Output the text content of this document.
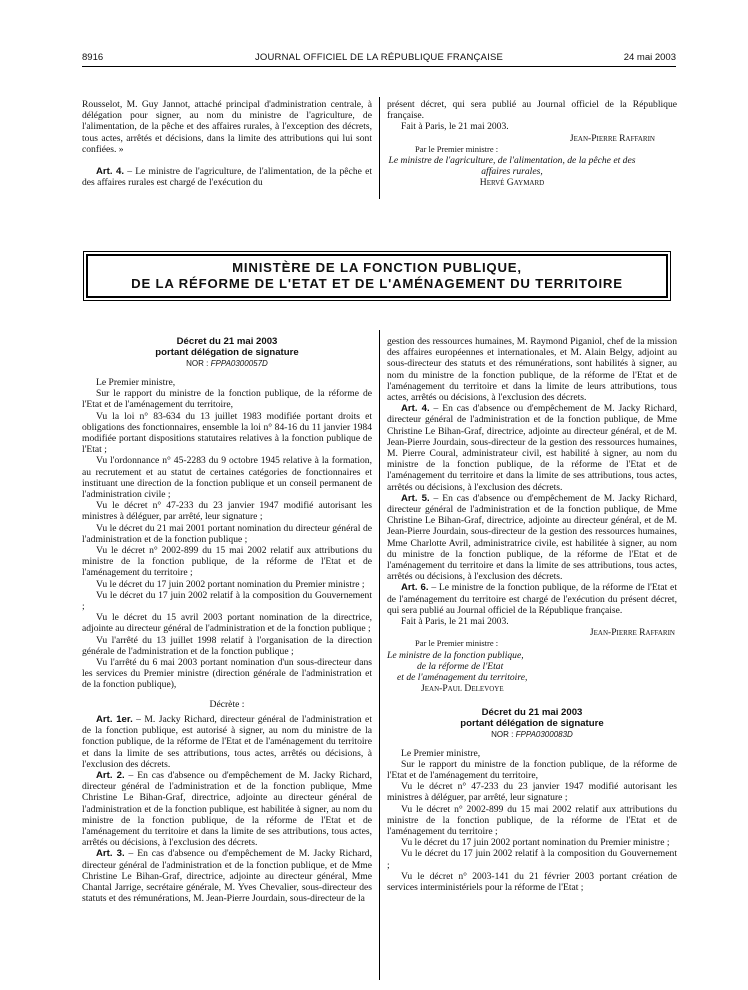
8916	JOURNAL OFFICIEL DE LA RÉPUBLIQUE FRANÇAISE	24 mai 2003

Rousselot, M. Guy Jannot, attaché principal d'administration centrale, à délégation pour signer, au nom du ministre de l'agriculture, de l'alimentation, de la pêche et des affaires rurales, à l'exception des décrets, tous actes, arrêtés et décisions, dans la limite des attributions qui lui sont confiées. »

Art. 4. – Le ministre de l'agriculture, de l'alimentation, de la pêche et des affaires rurales est chargé de l'exécution du

présent décret, qui sera publié au Journal officiel de la République française.

Fait à Paris, le 21 mai 2003.

Jean-Pierre Raffarin

Par le Premier ministre :

Le ministre de l'agriculture, de l'alimentation, de la pêche et des affaires rurales,

Hervé Gaymard

MINISTÈRE DE LA FONCTION PUBLIQUE,
DE LA RÉFORME DE L'ETAT ET DE L'AMÉNAGEMENT DU TERRITOIRE
Décret du 21 mai 2003
portant délégation de signature
NOR : FPPA0300057D

Le Premier ministre,

Sur le rapport du ministre de la fonction publique, de la réforme de l'Etat et de l'aménagement du territoire,

Vu la loi n° 83-634 du 13 juillet 1983 modifiée portant droits et obligations des fonctionnaires, ensemble la loi n° 84-16 du 11 janvier 1984 modifiée portant dispositions statutaires relatives à la fonction publique de l'Etat ;

Vu l'ordonnance n° 45-2283 du 9 octobre 1945 relative à la formation, au recrutement et au statut de certaines catégories de fonctionnaires et instituant une direction de la fonction publique et un conseil permanent de l'administration civile ;

Vu le décret n° 47-233 du 23 janvier 1947 modifié autorisant les ministres à déléguer, par arrêté, leur signature ;

Vu le décret du 21 mai 2001 portant nomination du directeur général de l'administration et de la fonction publique ;

Vu le décret n° 2002-899 du 15 mai 2002 relatif aux attributions du ministre de la fonction publique, de la réforme de l'Etat et de l'aménagement du territoire ;

Vu le décret du 17 juin 2002 portant nomination du Premier ministre ;

Vu le décret du 17 juin 2002 relatif à la composition du Gouvernement ;

Vu le décret du 15 avril 2003 portant nomination de la directrice, adjointe au directeur général de l'administration et de la fonction publique ;

Vu l'arrêté du 13 juillet 1998 relatif à l'organisation de la direction générale de l'administration et de la fonction publique ;

Vu l'arrêté du 6 mai 2003 portant nomination d'un sous-directeur dans les services du Premier ministre (direction générale de l'administration et de la fonction publique),

Décrète :

Art. 1er. – M. Jacky Richard, directeur général de l'administration et de la fonction publique, est autorisé à signer, au nom du ministre de la fonction publique, de la réforme de l'Etat et de l'aménagement du territoire et dans la limite de ses attributions, tous actes, arrêtés ou décisions, à l'exclusion des décrets.

Art. 2. – En cas d'absence ou d'empêchement de M. Jacky Richard, directeur général de l'administration et de la fonction publique, Mme Christine Le Bihan-Graf, directrice, adjointe au directeur général de l'administration et de la fonction publique, est habilitée à signer, au nom du ministre de la fonction publique, de la réforme de l'Etat et de l'aménagement du territoire et dans la limite de ses attributions, tous actes, arrêtés ou décisions, à l'exclusion des décrets.

Art. 3. – En cas d'absence ou d'empêchement de M. Jacky Richard, directeur général de l'administration et de la fonction publique, et de Mme Christine Le Bihan-Graf, directrice, adjointe au directeur général, Mme Chantal Jarrige, secrétaire générale, M. Yves Chevalier, sous-directeur des statuts et des rémunérations, M. Jean-Pierre Jourdain, sous-directeur de la

gestion des ressources humaines, M. Raymond Piganiol, chef de la mission des affaires européennes et internationales, et M. Alain Belgy, adjoint au sous-directeur des statuts et des rémunérations, sont habilités à signer, au nom du ministre de la fonction publique, de la réforme de l'Etat et de l'aménagement du territoire et dans la limite de leurs attributions, tous actes, arrêtés ou décisions, à l'exclusion des décrets.

Art. 4. – En cas d'absence ou d'empêchement de M. Jacky Richard, directeur général de l'administration et de la fonction publique, de Mme Christine Le Bihan-Graf, directrice, adjointe au directeur général, et de M. Jean-Pierre Jourdain, sous-directeur de la gestion des ressources humaines, M. Pierre Coural, administrateur civil, est habilité à signer, au nom du ministre de la fonction publique, de la réforme de l'Etat et de l'aménagement du territoire et dans la limite de ses attributions, tous actes, arrêtés ou décisions, à l'exclusion des décrets.

Art. 5. – En cas d'absence ou d'empêchement de M. Jacky Richard, directeur général de l'administration et de la fonction publique, de Mme Christine Le Bihan-Graf, directrice, adjointe au directeur général, et de M. Jean-Pierre Jourdain, sous-directeur de la gestion des ressources humaines, Mme Charlotte Avril, administratrice civile, est habilitée à signer, au nom du ministre de la fonction publique, de la réforme de l'Etat et de l'aménagement du territoire et dans la limite de ses attributions, tous actes, arrêtés ou décisions, à l'exclusion des décrets.

Art. 6. – Le ministre de la fonction publique, de la réforme de l'Etat et de l'aménagement du territoire est chargé de l'exécution du présent décret, qui sera publié au Journal officiel de la République française.

Fait à Paris, le 21 mai 2003.

Jean-Pierre Raffarin

Par le Premier ministre :

Le ministre de la fonction publique,

de la réforme de l'Etat

et de l'aménagement du territoire,

Jean-Paul Delevoye

Décret du 21 mai 2003
portant délégation de signature
NOR : FPPA0300083D

Le Premier ministre,

Sur le rapport du ministre de la fonction publique, de la réforme de l'Etat et de l'aménagement du territoire,

Vu le décret n° 47-233 du 23 janvier 1947 modifié autorisant les ministres à déléguer, par arrêté, leur signature ;

Vu le décret n° 2002-899 du 15 mai 2002 relatif aux attributions du ministre de la fonction publique, de la réforme de l'Etat et de l'aménagement du territoire ;

Vu le décret du 17 juin 2002 portant nomination du Premier ministre ;

Vu le décret du 17 juin 2002 relatif à la composition du Gouvernement ;

Vu le décret n° 2003-141 du 21 février 2003 portant création de services interministériels pour la réforme de l'Etat ;
